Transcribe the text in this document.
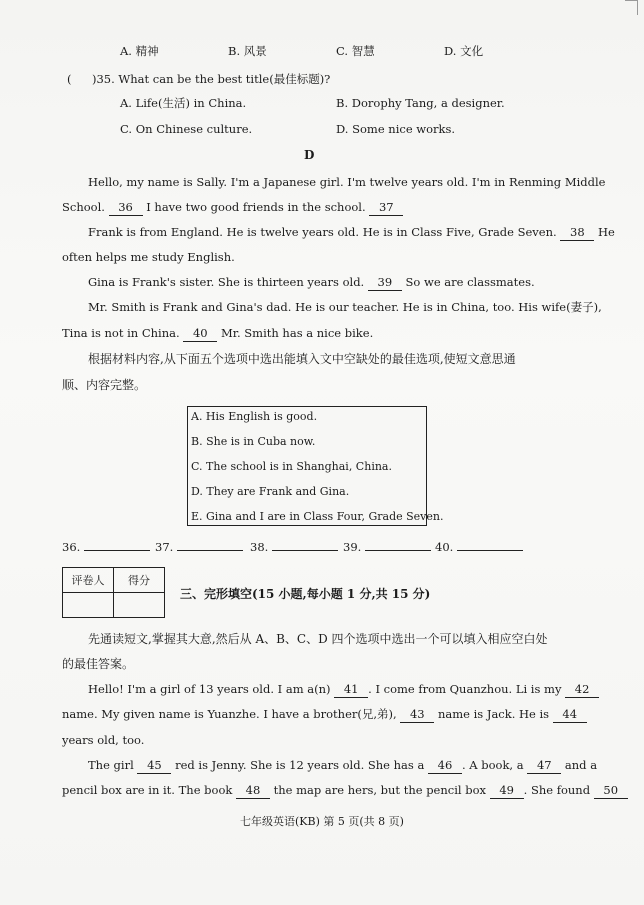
A. 精神	B. 风景	C. 智慧	D. 文化
( )35. What can be the best title(最佳标题)?
A. Life(生活) in China.	B. Dorophy Tang, a designer.
C. On Chinese culture.	D. Some nice works.
D
Hello, my name is Sally. I'm a Japanese girl. I'm twelve years old. I'm in Renming Middle
School. 36 I have two good friends in the school. 37
Frank is from England. He is twelve years old. He is in Class Five, Grade Seven. 38 He
often helps me study English.
Gina is Frank's sister. She is thirteen years old. 39 So we are classmates.
Mr. Smith is Frank and Gina's dad. He is our teacher. He is in China, too. His wife(妻子),
Tina is not in China. 40 Mr. Smith has a nice bike.
根据材料内容,从下面五个选项中选出能填入文中空缺处的最佳选项,使短文意思通
顺、内容完整。
A. His English is good.
B. She is in Cuba now.
C. The school is in Shanghai, China.
D. They are Frank and Gina.
E. Gina and I are in Class Four, Grade Seven.
36.	37.	38.	39.	40.
评卷人	得分

三、完形填空(15 小题,每小题 1 分,共 15 分)
先通读短文,掌握其大意,然后从 A、B、C、D 四个选项中选出一个可以填入相应空白处
的最佳答案。
Hello! I'm a girl of 13 years old. I am a(n) 41 . I come from Quanzhou. Li is my 42
name. My given name is Yuanzhe. I have a brother(兄,弟), 43 name is Jack. He is 44
years old, too.
The girl 45 red is Jenny. She is 12 years old. She has a 46 . A book, a 47 and a
pencil box are in it. The book 48 the map are hers, but the pencil box 49 . She found 50
七年级英语(KB) 第 5 页(共 8 页)
